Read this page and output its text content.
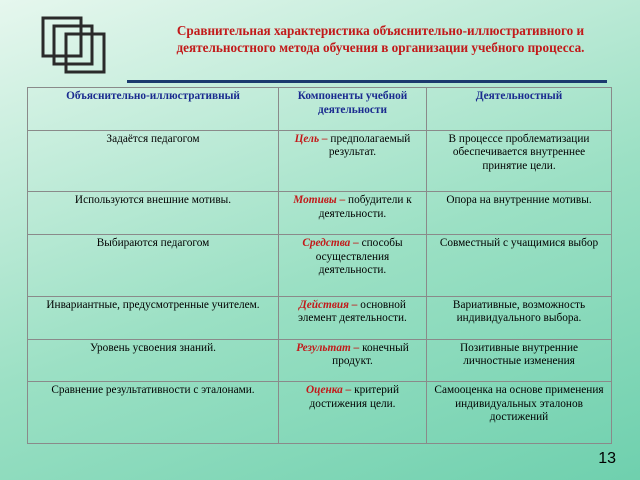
Сравнительная характеристика объяснительно-иллюстративного и деятельностного метода обучения в организации учебного процесса.
Объяснительно-иллюстративный	Компоненты учебной деятельности	Деятельностный
Задаётся педагогом	Цель – предполагаемый результат.	В процессе проблематизации обеспечивается внутреннее принятие цели.
Используются внешние мотивы.	Мотивы – побудители к деятельности.	Опора на внутренние мотивы.
Выбираются педагогом	Средства – способы осуществления деятельности.	Совместный с учащимися выбор
Инвариантные, предусмотренные учителем.	Действия – основной элемент деятельности.	Вариативные, возможность индивидуального выбора.
Уровень усвоения знаний.	Результат – конечный продукт.	Позитивные внутренние личностные изменения
Сравнение результативности с эталонами.	Оценка – критерий достижения цели.	Самооценка на основе применения индивидуальных эталонов достижений
13
